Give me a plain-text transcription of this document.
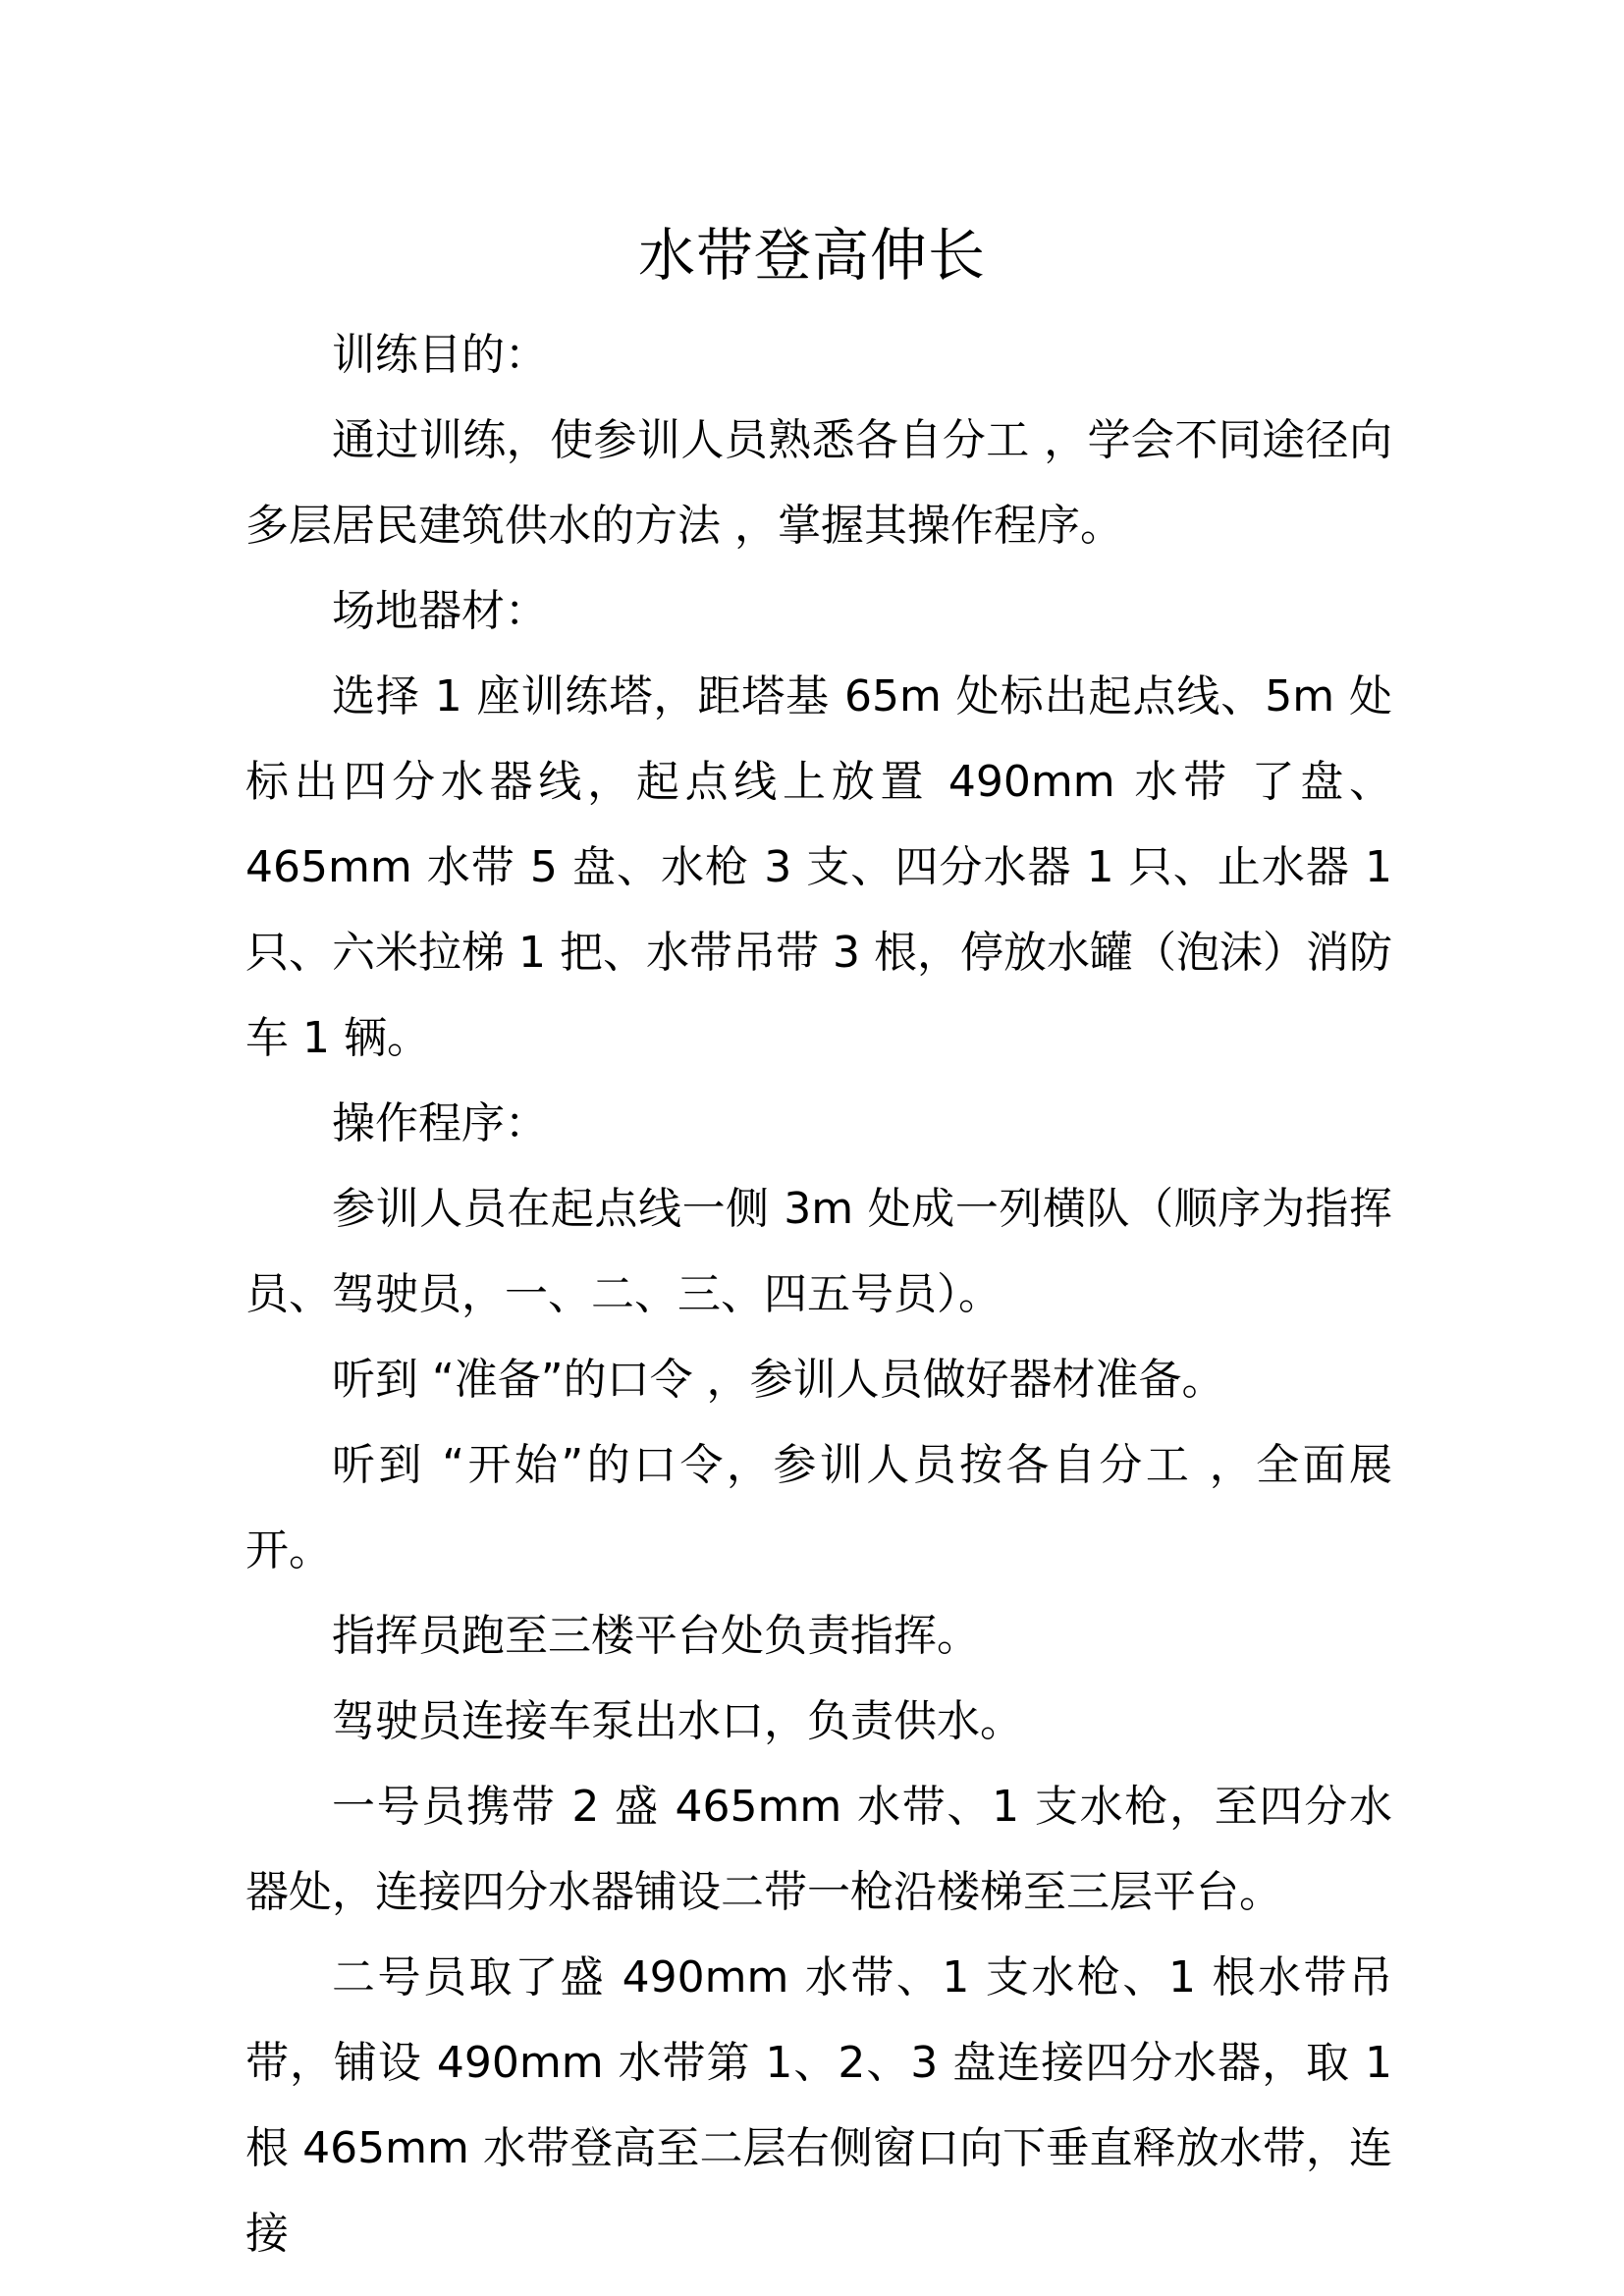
水带登高伸长

训练目的：

通过训练，使参训人员熟悉各自分工 ，学会不同途径向多层居民建筑供水的方法 ，掌握其操作程序。

场地器材：

选择 1 座训练塔，距塔基 65m 处标出起点线、5m 处标出四分水器线，起点线上放置 490mm 水带 了盘、465mm 水带 5 盘、水枪 3 支、四分水器 1 只、止水器 1 只、六米拉梯 1 把、水带吊带 3 根，停放水罐（泡沫）消防车 1 辆。

操作程序：

参训人员在起点线一侧 3m 处成一列横队（顺序为指挥员、驾驶员，一、二、三、四五号员）。

听到 “准备”的口令 ，参训人员做好器材准备。

听到 “开始”的口令，参训人员按各自分工 ，全面展开。

指挥员跑至三楼平台处负责指挥。

驾驶员连接车泵出水口，负责供水。

一号员携带 2 盛 465mm 水带、1 支水枪，至四分水器处，连接四分水器铺设二带一枪沿楼梯至三层平台。

二号员取了盛 490mm 水带、1 支水枪、1 根水带吊带，铺设 490mm 水带第 1、2、3 盘连接四分水器，取 1 根 465mm 水带登高至二层右侧窗口向下垂直释放水带，连接
